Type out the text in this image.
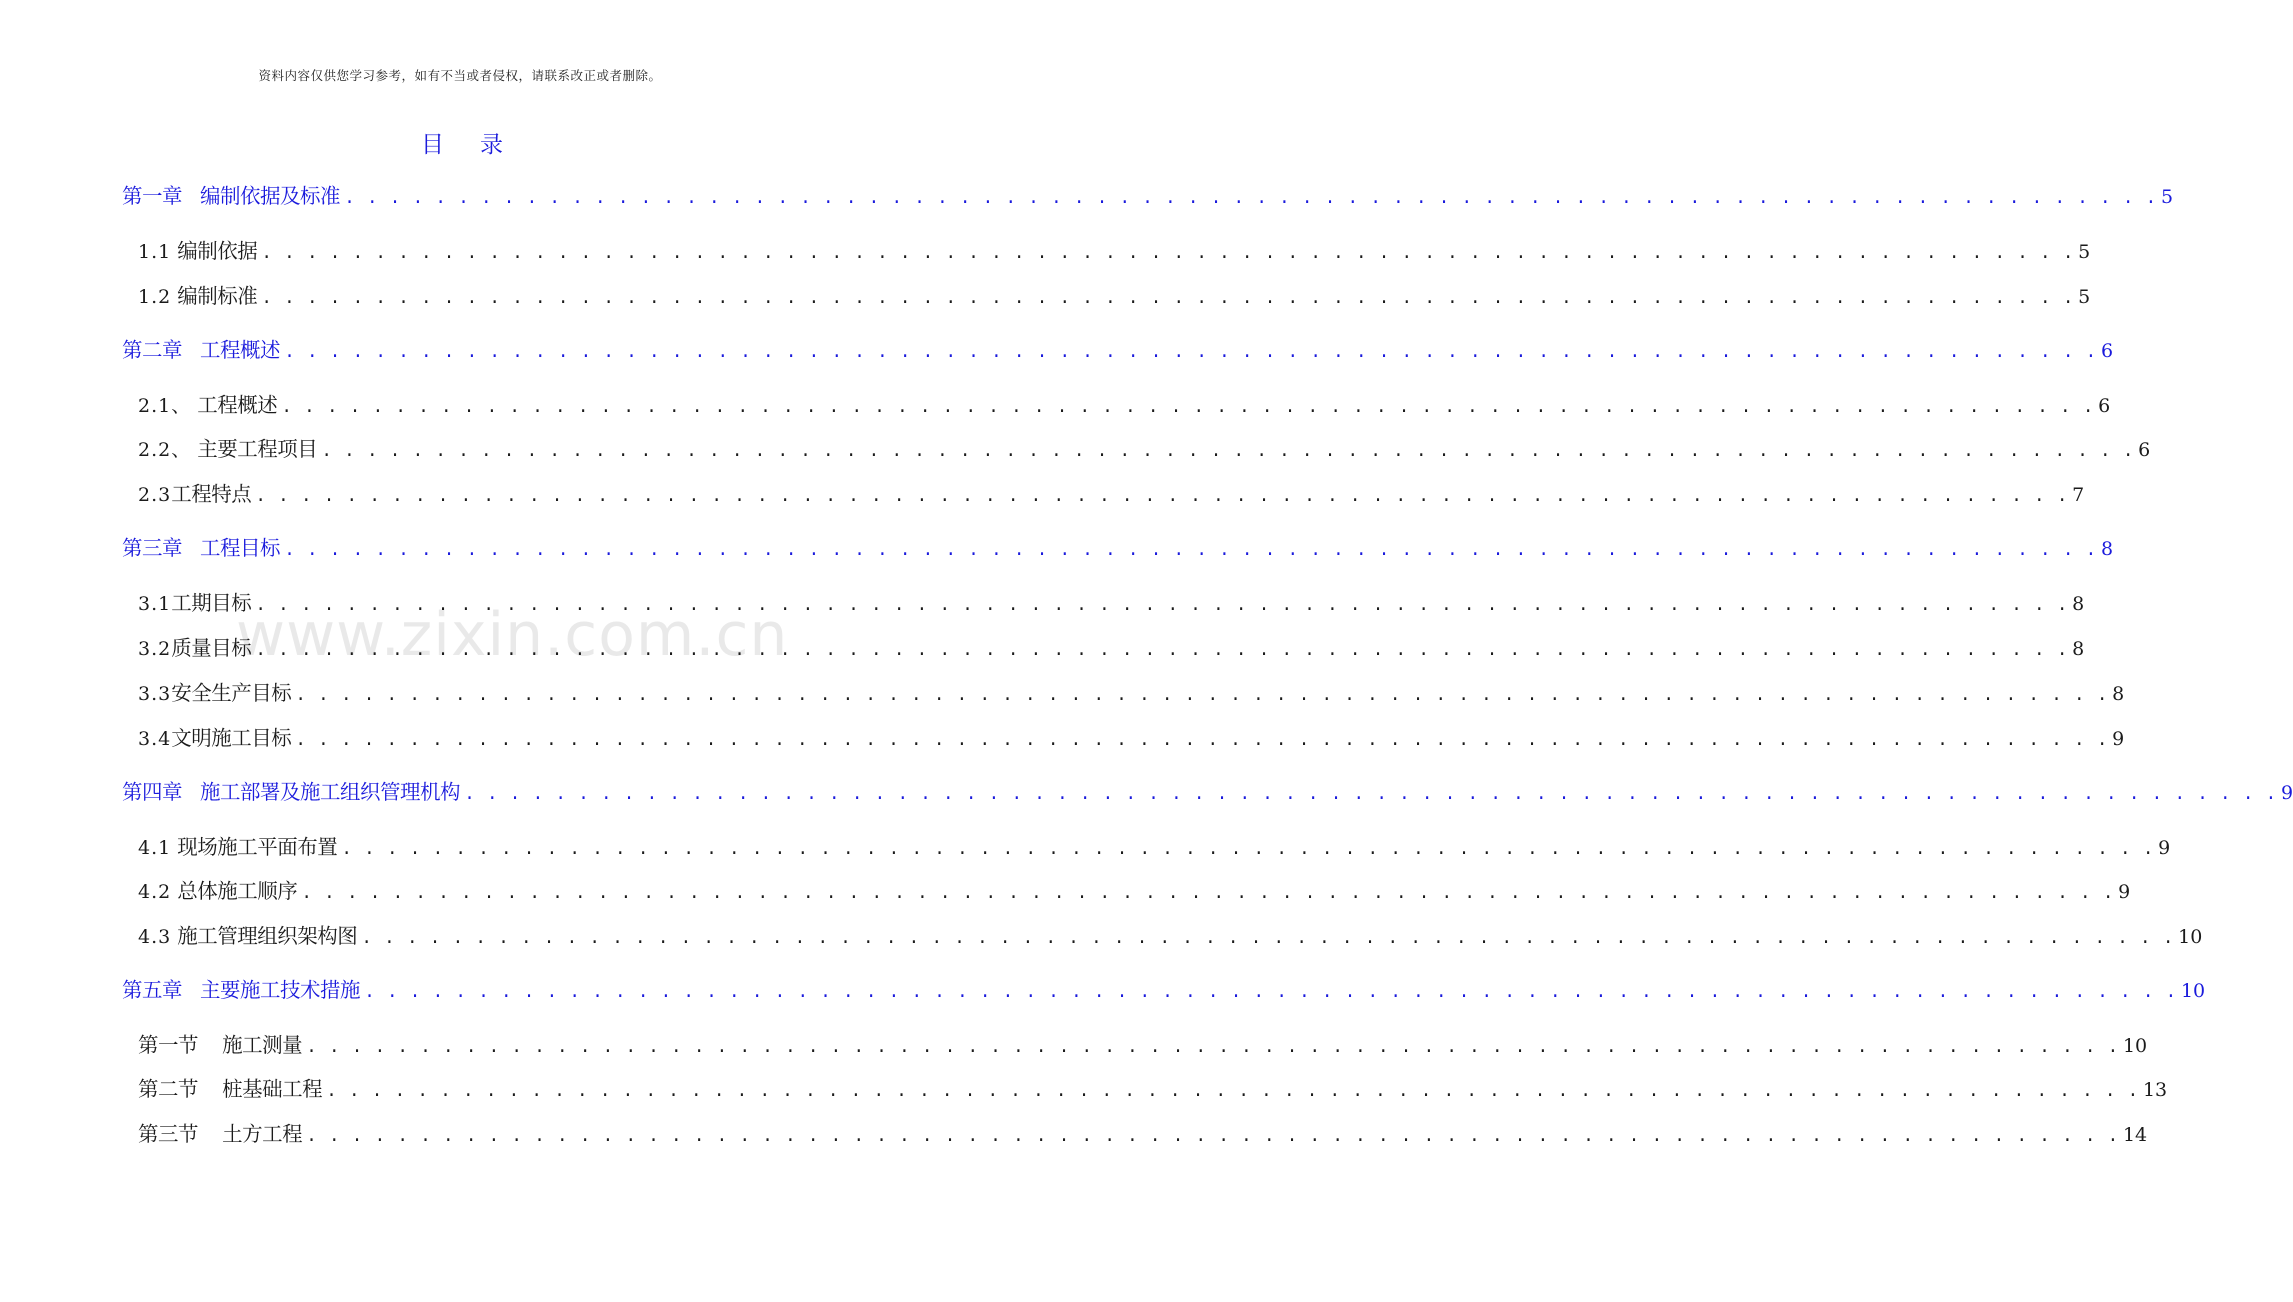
资料内容仅供您学习参考，如有不当或者侵权，请联系改正或者删除。
www.zixin.com.cn
目录
第一章   编制依据及标准 . . . . . . . . . . . . . . . . . . . . . . . . . . . . . . . . . . . . . . . . . . . . . . . . . . . . . . . . . . . . . . . . . . . . . . . . . . . . . . . . 5
1.1 编制依据 . . . . . . . . . . . . . . . . . . . . . . . . . . . . . . . . . . . . . . . . . . . . . . . . . . . . . . . . . . . . . . . . . . . . . . . . . . . . . . . . 5
1.2 编制标准 . . . . . . . . . . . . . . . . . . . . . . . . . . . . . . . . . . . . . . . . . . . . . . . . . . . . . . . . . . . . . . . . . . . . . . . . . . . . . . . . 5
第二章   工程概述 . . . . . . . . . . . . . . . . . . . . . . . . . . . . . . . . . . . . . . . . . . . . . . . . . . . . . . . . . . . . . . . . . . . . . . . . . . . . . . . . 6
2.1、 工程概述 . . . . . . . . . . . . . . . . . . . . . . . . . . . . . . . . . . . . . . . . . . . . . . . . . . . . . . . . . . . . . . . . . . . . . . . . . . . . . . . . 6
2.2、 主要工程项目 . . . . . . . . . . . . . . . . . . . . . . . . . . . . . . . . . . . . . . . . . . . . . . . . . . . . . . . . . . . . . . . . . . . . . . . . . . . . . . . . 6
2.3 工程特点 . . . . . . . . . . . . . . . . . . . . . . . . . . . . . . . . . . . . . . . . . . . . . . . . . . . . . . . . . . . . . . . . . . . . . . . . . . . . . . . . 7
第三章   工程目标 . . . . . . . . . . . . . . . . . . . . . . . . . . . . . . . . . . . . . . . . . . . . . . . . . . . . . . . . . . . . . . . . . . . . . . . . . . . . . . . . 8
3.1 工期目标 . . . . . . . . . . . . . . . . . . . . . . . . . . . . . . . . . . . . . . . . . . . . . . . . . . . . . . . . . . . . . . . . . . . . . . . . . . . . . . . . 8
3.2 质量目标 . . . . . . . . . . . . . . . . . . . . . . . . . . . . . . . . . . . . . . . . . . . . . . . . . . . . . . . . . . . . . . . . . . . . . . . . . . . . . . . . 8
3.3 安全生产目标 . . . . . . . . . . . . . . . . . . . . . . . . . . . . . . . . . . . . . . . . . . . . . . . . . . . . . . . . . . . . . . . . . . . . . . . . . . . . . . . . 8
3.4 文明施工目标 . . . . . . . . . . . . . . . . . . . . . . . . . . . . . . . . . . . . . . . . . . . . . . . . . . . . . . . . . . . . . . . . . . . . . . . . . . . . . . . . 9
第四章   施工部署及施工组织管理机构 . . . . . . . . . . . . . . . . . . . . . . . . . . . . . . . . . . . . . . . . . . . . . . . . . . . . . . . . . . . . . . . . . . . . . . . . . . . . . . . . 9
4.1 现场施工平面布置 . . . . . . . . . . . . . . . . . . . . . . . . . . . . . . . . . . . . . . . . . . . . . . . . . . . . . . . . . . . . . . . . . . . . . . . . . . . . . . . . 9
4.2 总体施工顺序 . . . . . . . . . . . . . . . . . . . . . . . . . . . . . . . . . . . . . . . . . . . . . . . . . . . . . . . . . . . . . . . . . . . . . . . . . . . . . . . . 9
4.3 施工管理组织架构图 . . . . . . . . . . . . . . . . . . . . . . . . . . . . . . . . . . . . . . . . . . . . . . . . . . . . . . . . . . . . . . . . . . . . . . . . . . . . . . . . 10
第五章   主要施工技术措施 . . . . . . . . . . . . . . . . . . . . . . . . . . . . . . . . . . . . . . . . . . . . . . . . . . . . . . . . . . . . . . . . . . . . . . . . . . . . . . . . 10
第一节    施工测量 . . . . . . . . . . . . . . . . . . . . . . . . . . . . . . . . . . . . . . . . . . . . . . . . . . . . . . . . . . . . . . . . . . . . . . . . . . . . . . . . 10
第二节    桩基础工程 . . . . . . . . . . . . . . . . . . . . . . . . . . . . . . . . . . . . . . . . . . . . . . . . . . . . . . . . . . . . . . . . . . . . . . . . . . . . . . . . 13
第三节    土方工程 . . . . . . . . . . . . . . . . . . . . . . . . . . . . . . . . . . . . . . . . . . . . . . . . . . . . . . . . . . . . . . . . . . . . . . . . . . . . . . . . 14
